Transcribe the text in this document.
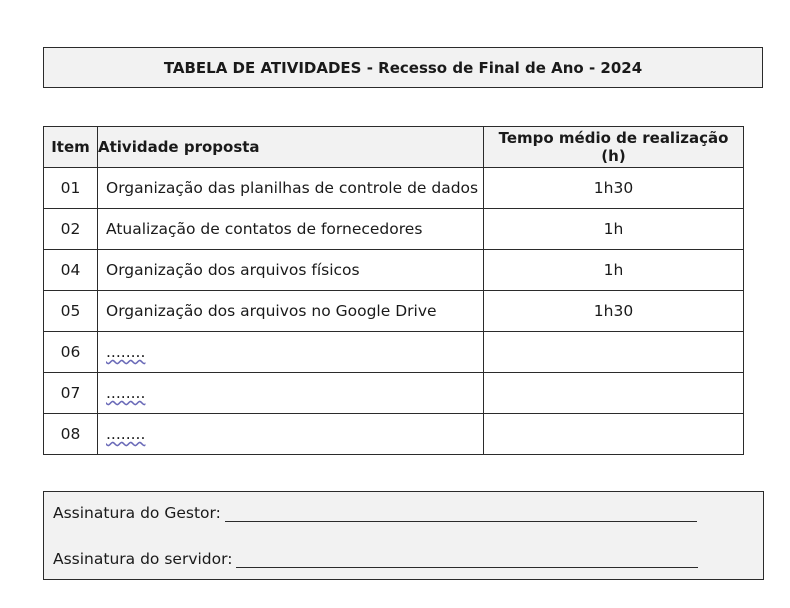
TABELA DE ATIVIDADES - Recesso de Final de Ano - 2024
Item	Atividade proposta	Tempo médio de realização (h)
01	Organização das planilhas de controle de dados	1h30
02	Atualização de contatos de fornecedores	1h
04	Organização dos arquivos físicos	1h
05	Organização dos arquivos no Google Drive	1h30
06	........	
07	........	
08	........	
Assinatura do Gestor:
Assinatura do servidor:
